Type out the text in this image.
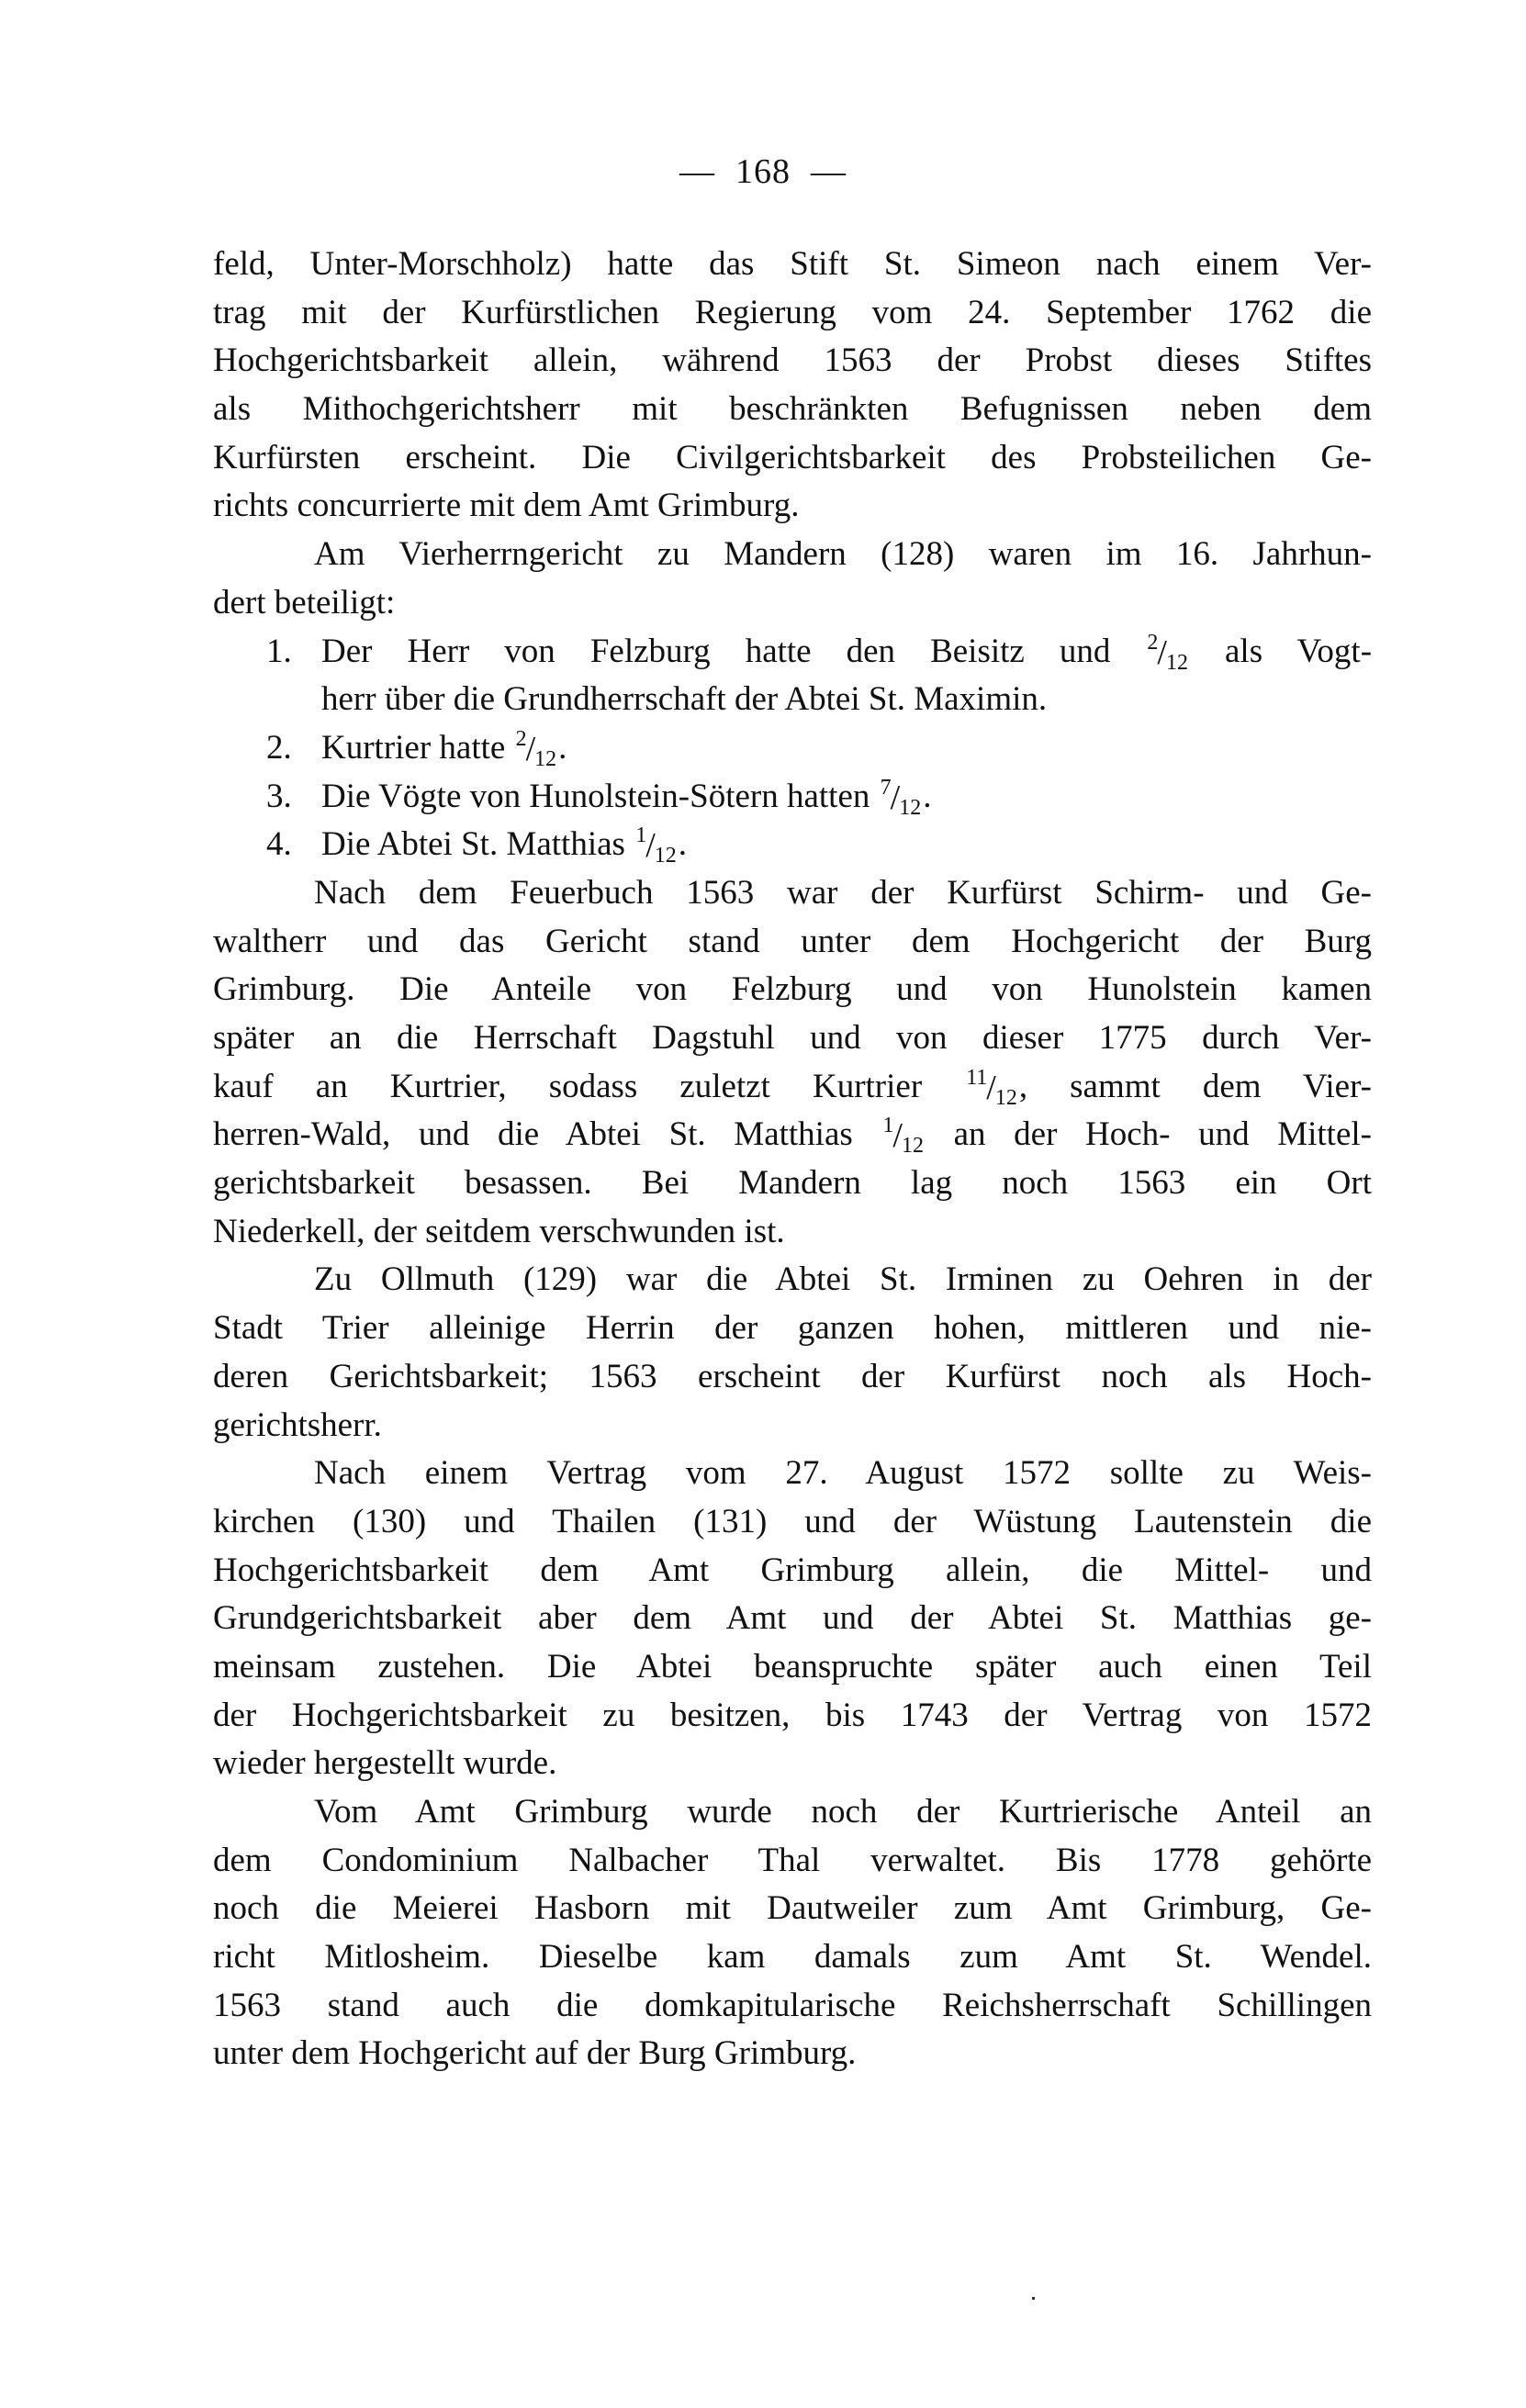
— 168 —
feld, Unter-Morschholz) hatte das Stift St. Simeon nach einem Ver-
trag mit der Kurfürstlichen Regierung vom 24. September 1762 die
Hochgerichtsbarkeit allein, während 1563 der Probst dieses Stiftes
als Mithochgerichtsherr mit beschränkten Befugnissen neben dem
Kurfürsten erscheint. Die Civilgerichtsbarkeit des Probsteilichen Ge-
richts concurrierte mit dem Amt Grimburg.
Am Vierherrngericht zu Mandern (128) waren im 16. Jahrhun-
dert beteiligt:
1. Der Herr von Felzburg hatte den Beisitz und 2/12 als Vogt-
herr über die Grundherrschaft der Abtei St. Maximin.
2. Kurtrier hatte 2/12.
3. Die Vögte von Hunolstein-Sötern hatten 7/12.
4. Die Abtei St. Matthias 1/12.
Nach dem Feuerbuch 1563 war der Kurfürst Schirm- und Ge-
waltherr und das Gericht stand unter dem Hochgericht der Burg
Grimburg. Die Anteile von Felzburg und von Hunolstein kamen
später an die Herrschaft Dagstuhl und von dieser 1775 durch Ver-
kauf an Kurtrier, sodass zuletzt Kurtrier 11/12, sammt dem Vier-
herren-Wald, und die Abtei St. Matthias 1/12 an der Hoch- und Mittel-
gerichtsbarkeit besassen. Bei Mandern lag noch 1563 ein Ort
Niederkell, der seitdem verschwunden ist.
Zu Ollmuth (129) war die Abtei St. Irminen zu Oehren in der
Stadt Trier alleinige Herrin der ganzen hohen, mittleren und nie-
deren Gerichtsbarkeit; 1563 erscheint der Kurfürst noch als Hoch-
gerichtsherr.
Nach einem Vertrag vom 27. August 1572 sollte zu Weis-
kirchen (130) und Thailen (131) und der Wüstung Lautenstein die
Hochgerichtsbarkeit dem Amt Grimburg allein, die Mittel- und
Grundgerichtsbarkeit aber dem Amt und der Abtei St. Matthias ge-
meinsam zustehen. Die Abtei beanspruchte später auch einen Teil
der Hochgerichtsbarkeit zu besitzen, bis 1743 der Vertrag von 1572
wieder hergestellt wurde.
Vom Amt Grimburg wurde noch der Kurtrierische Anteil an
dem Condominium Nalbacher Thal verwaltet. Bis 1778 gehörte
noch die Meierei Hasborn mit Dautweiler zum Amt Grimburg, Ge-
richt Mitlosheim. Dieselbe kam damals zum Amt St. Wendel.
1563 stand auch die domkapitularische Reichsherrschaft Schillingen
unter dem Hochgericht auf der Burg Grimburg.
